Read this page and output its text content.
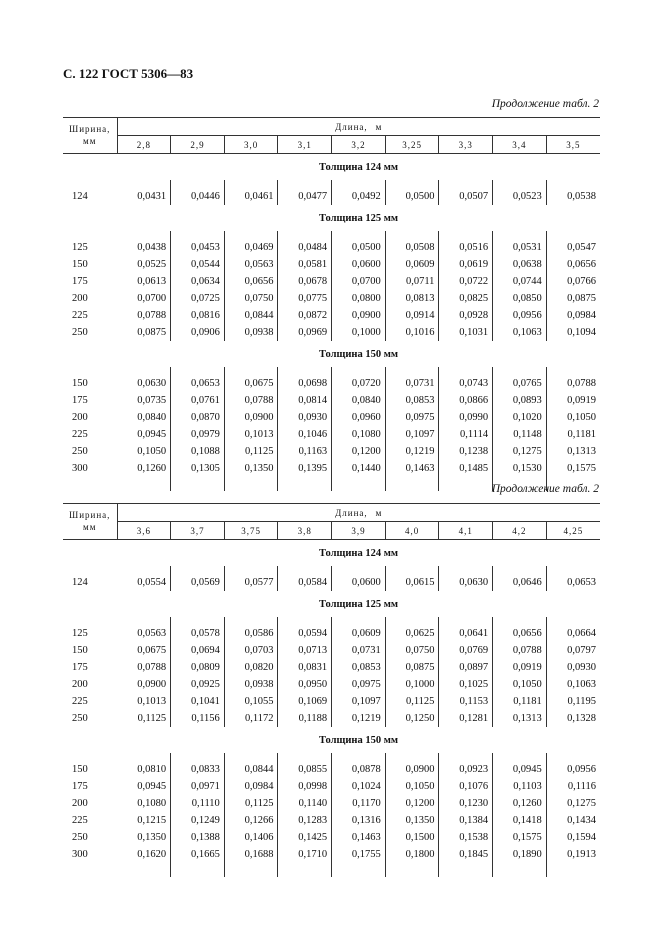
С. 122 ГОСТ 5306—83
Продолжение табл. 2
Ширина,
мм	Длина, м								
	2,8	2,9	3,0	3,1	3,2	3,25	3,3	3,4	3,5
	Толщина 124 мм								

124	0,0431	0,0446	0,0461	0,0477	0,0492	0,0500	0,0507	0,0523	0,0538
	Толщина 125 мм								

125	0,0438	0,0453	0,0469	0,0484	0,0500	0,0508	0,0516	0,0531	0,0547
150	0,0525	0,0544	0,0563	0,0581	0,0600	0,0609	0,0619	0,0638	0,0656
175	0,0613	0,0634	0,0656	0,0678	0,0700	0,0711	0,0722	0,0744	0,0766
200	0,0700	0,0725	0,0750	0,0775	0,0800	0,0813	0,0825	0,0850	0,0875
225	0,0788	0,0816	0,0844	0,0872	0,0900	0,0914	0,0928	0,0956	0,0984
250	0,0875	0,0906	0,0938	0,0969	0,1000	0,1016	0,1031	0,1063	0,1094
	Толщина 150 мм								

150	0,0630	0,0653	0,0675	0,0698	0,0720	0,0731	0,0743	0,0765	0,0788
175	0,0735	0,0761	0,0788	0,0814	0,0840	0,0853	0,0866	0,0893	0,0919
200	0,0840	0,0870	0,0900	0,0930	0,0960	0,0975	0,0990	0,1020	0,1050
225	0,0945	0,0979	0,1013	0,1046	0,1080	0,1097	0,1114	0,1148	0,1181
250	0,1050	0,1088	0,1125	0,1163	0,1200	0,1219	0,1238	0,1275	0,1313
300	0,1260	0,1305	0,1350	0,1395	0,1440	0,1463	0,1485	0,1530	0,1575

Продолжение табл. 2
Ширина,
мм	Длина, м								
	3,6	3,7	3,75	3,8	3,9	4,0	4,1	4,2	4,25
	Толщина 124 мм								

124	0,0554	0,0569	0,0577	0,0584	0,0600	0,0615	0,0630	0,0646	0,0653
	Толщина 125 мм								

125	0,0563	0,0578	0,0586	0,0594	0,0609	0,0625	0,0641	0,0656	0,0664
150	0,0675	0,0694	0,0703	0,0713	0,0731	0,0750	0,0769	0,0788	0,0797
175	0,0788	0,0809	0,0820	0,0831	0,0853	0,0875	0,0897	0,0919	0,0930
200	0,0900	0,0925	0,0938	0,0950	0,0975	0,1000	0,1025	0,1050	0,1063
225	0,1013	0,1041	0,1055	0,1069	0,1097	0,1125	0,1153	0,1181	0,1195
250	0,1125	0,1156	0,1172	0,1188	0,1219	0,1250	0,1281	0,1313	0,1328
	Толщина 150 мм								

150	0,0810	0,0833	0,0844	0,0855	0,0878	0,0900	0,0923	0,0945	0,0956
175	0,0945	0,0971	0,0984	0,0998	0,1024	0,1050	0,1076	0,1103	0,1116
200	0,1080	0,1110	0,1125	0,1140	0,1170	0,1200	0,1230	0,1260	0,1275
225	0,1215	0,1249	0,1266	0,1283	0,1316	0,1350	0,1384	0,1418	0,1434
250	0,1350	0,1388	0,1406	0,1425	0,1463	0,1500	0,1538	0,1575	0,1594
300	0,1620	0,1665	0,1688	0,1710	0,1755	0,1800	0,1845	0,1890	0,1913
